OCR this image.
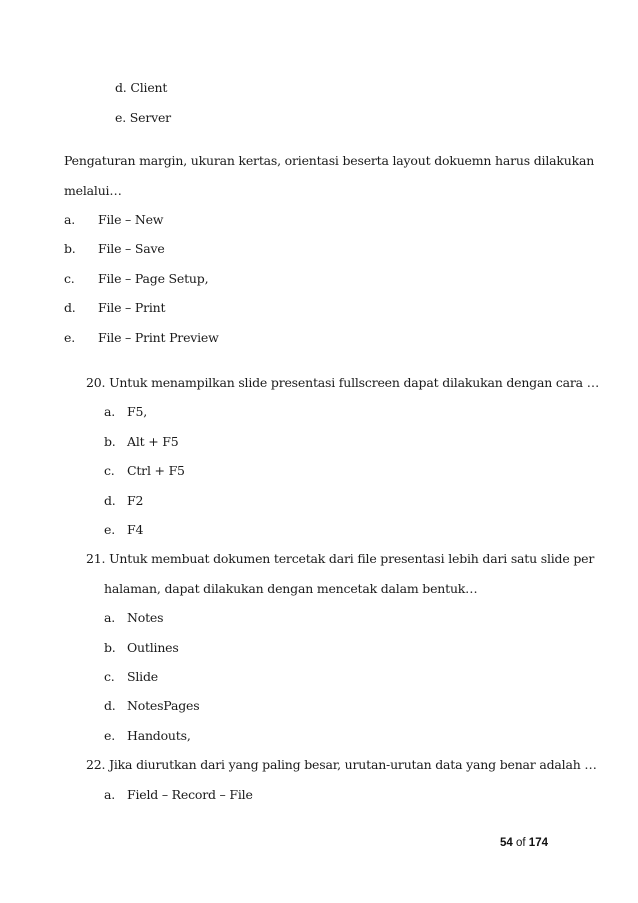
d. Client
e. Server
Pengaturan margin, ukuran kertas, orientasi beserta layout dokuemn harus dilakukan
melalui…
a. File – New
b. File – Save
c. File – Page Setup,
d. File – Print
e. File – Print Preview
20. Untuk menampilkan slide presentasi fullscreen dapat dilakukan dengan cara …
a. F5,
b. Alt + F5
c. Ctrl + F5
d. F2
e. F4
21. Untuk membuat dokumen tercetak dari file presentasi lebih dari satu slide per
halaman, dapat dilakukan dengan mencetak dalam bentuk…
a. Notes
b. Outlines
c. Slide
d. NotesPages
e. Handouts,
22. Jika diurutkan dari yang paling besar, urutan-urutan data yang benar adalah …
a. Field – Record – File
54 of 174
